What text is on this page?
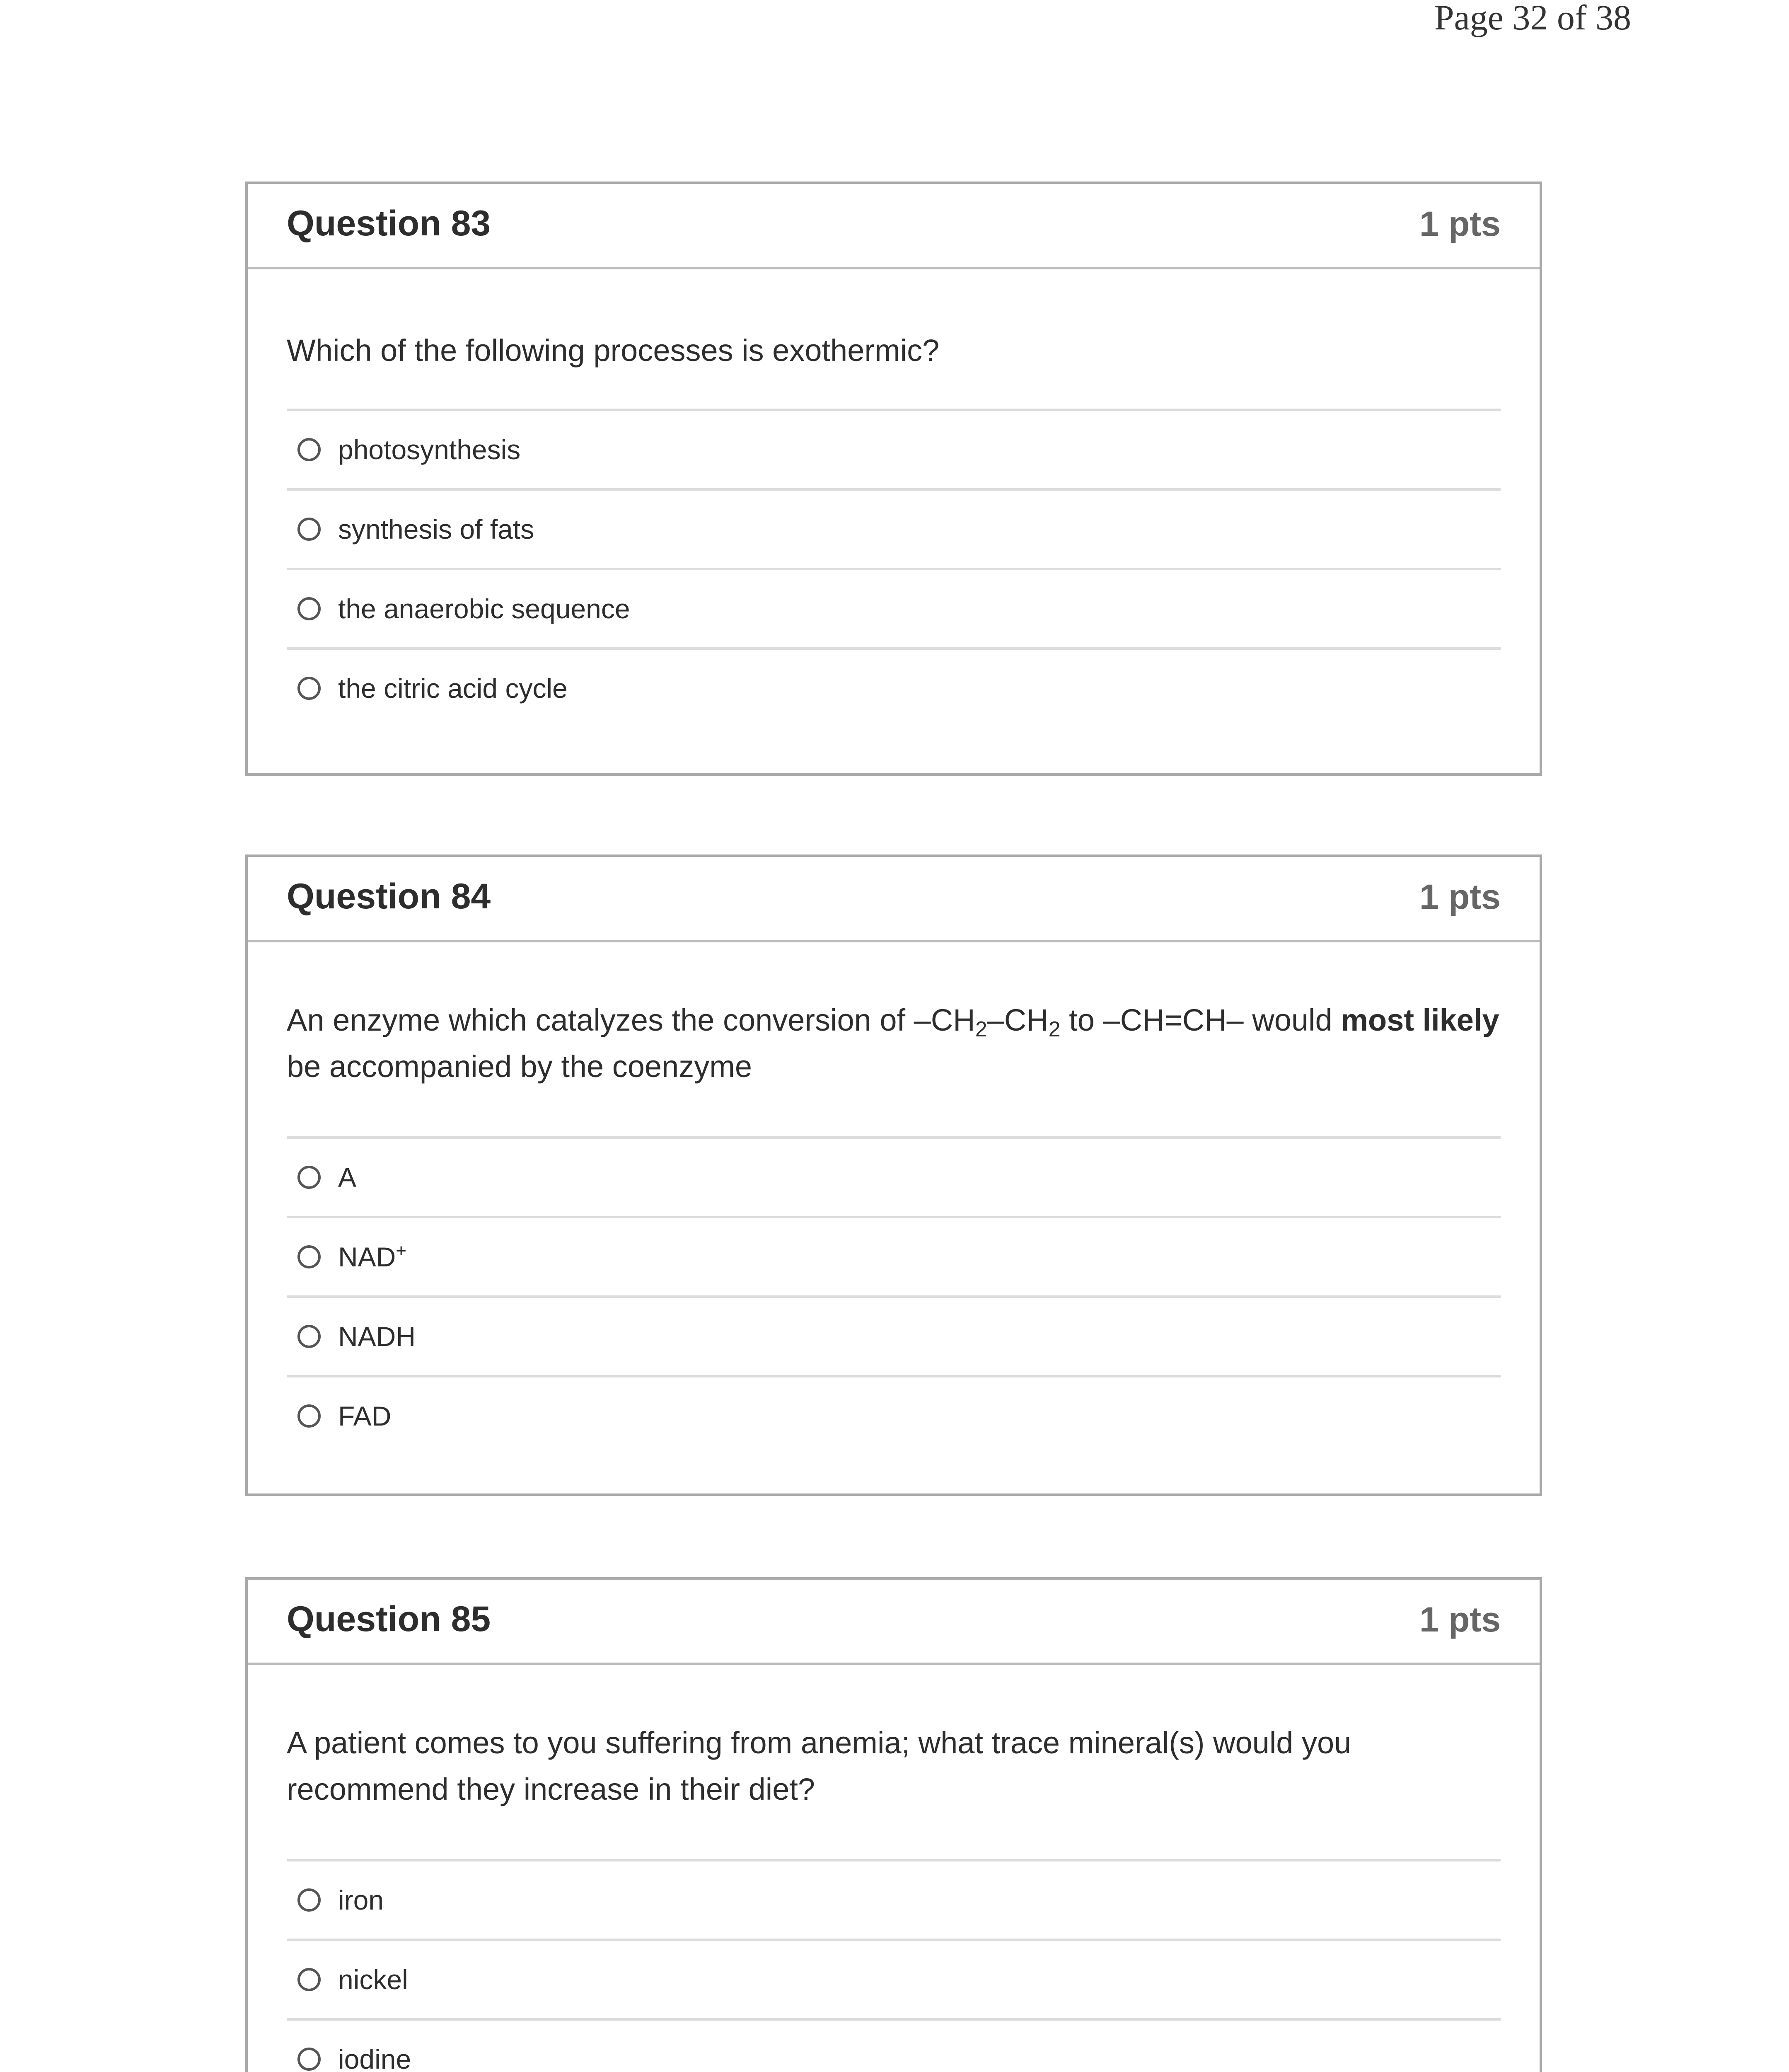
Page 32 of 38
Question 83	1 pts
Which of the following processes is exothermic?
photosynthesis
synthesis of fats
the anaerobic sequence
the citric acid cycle
Question 84	1 pts
An enzyme which catalyzes the conversion of $-CH_2-CH_2$ to –CH=CH– would most likely be accompanied by the coenzyme
A
NAD+
NADH
FAD
Question 85	1 pts
A patient comes to you suffering from anemia; what trace mineral(s) would you recommend they increase in their diet?
iron
nickel
iodine
